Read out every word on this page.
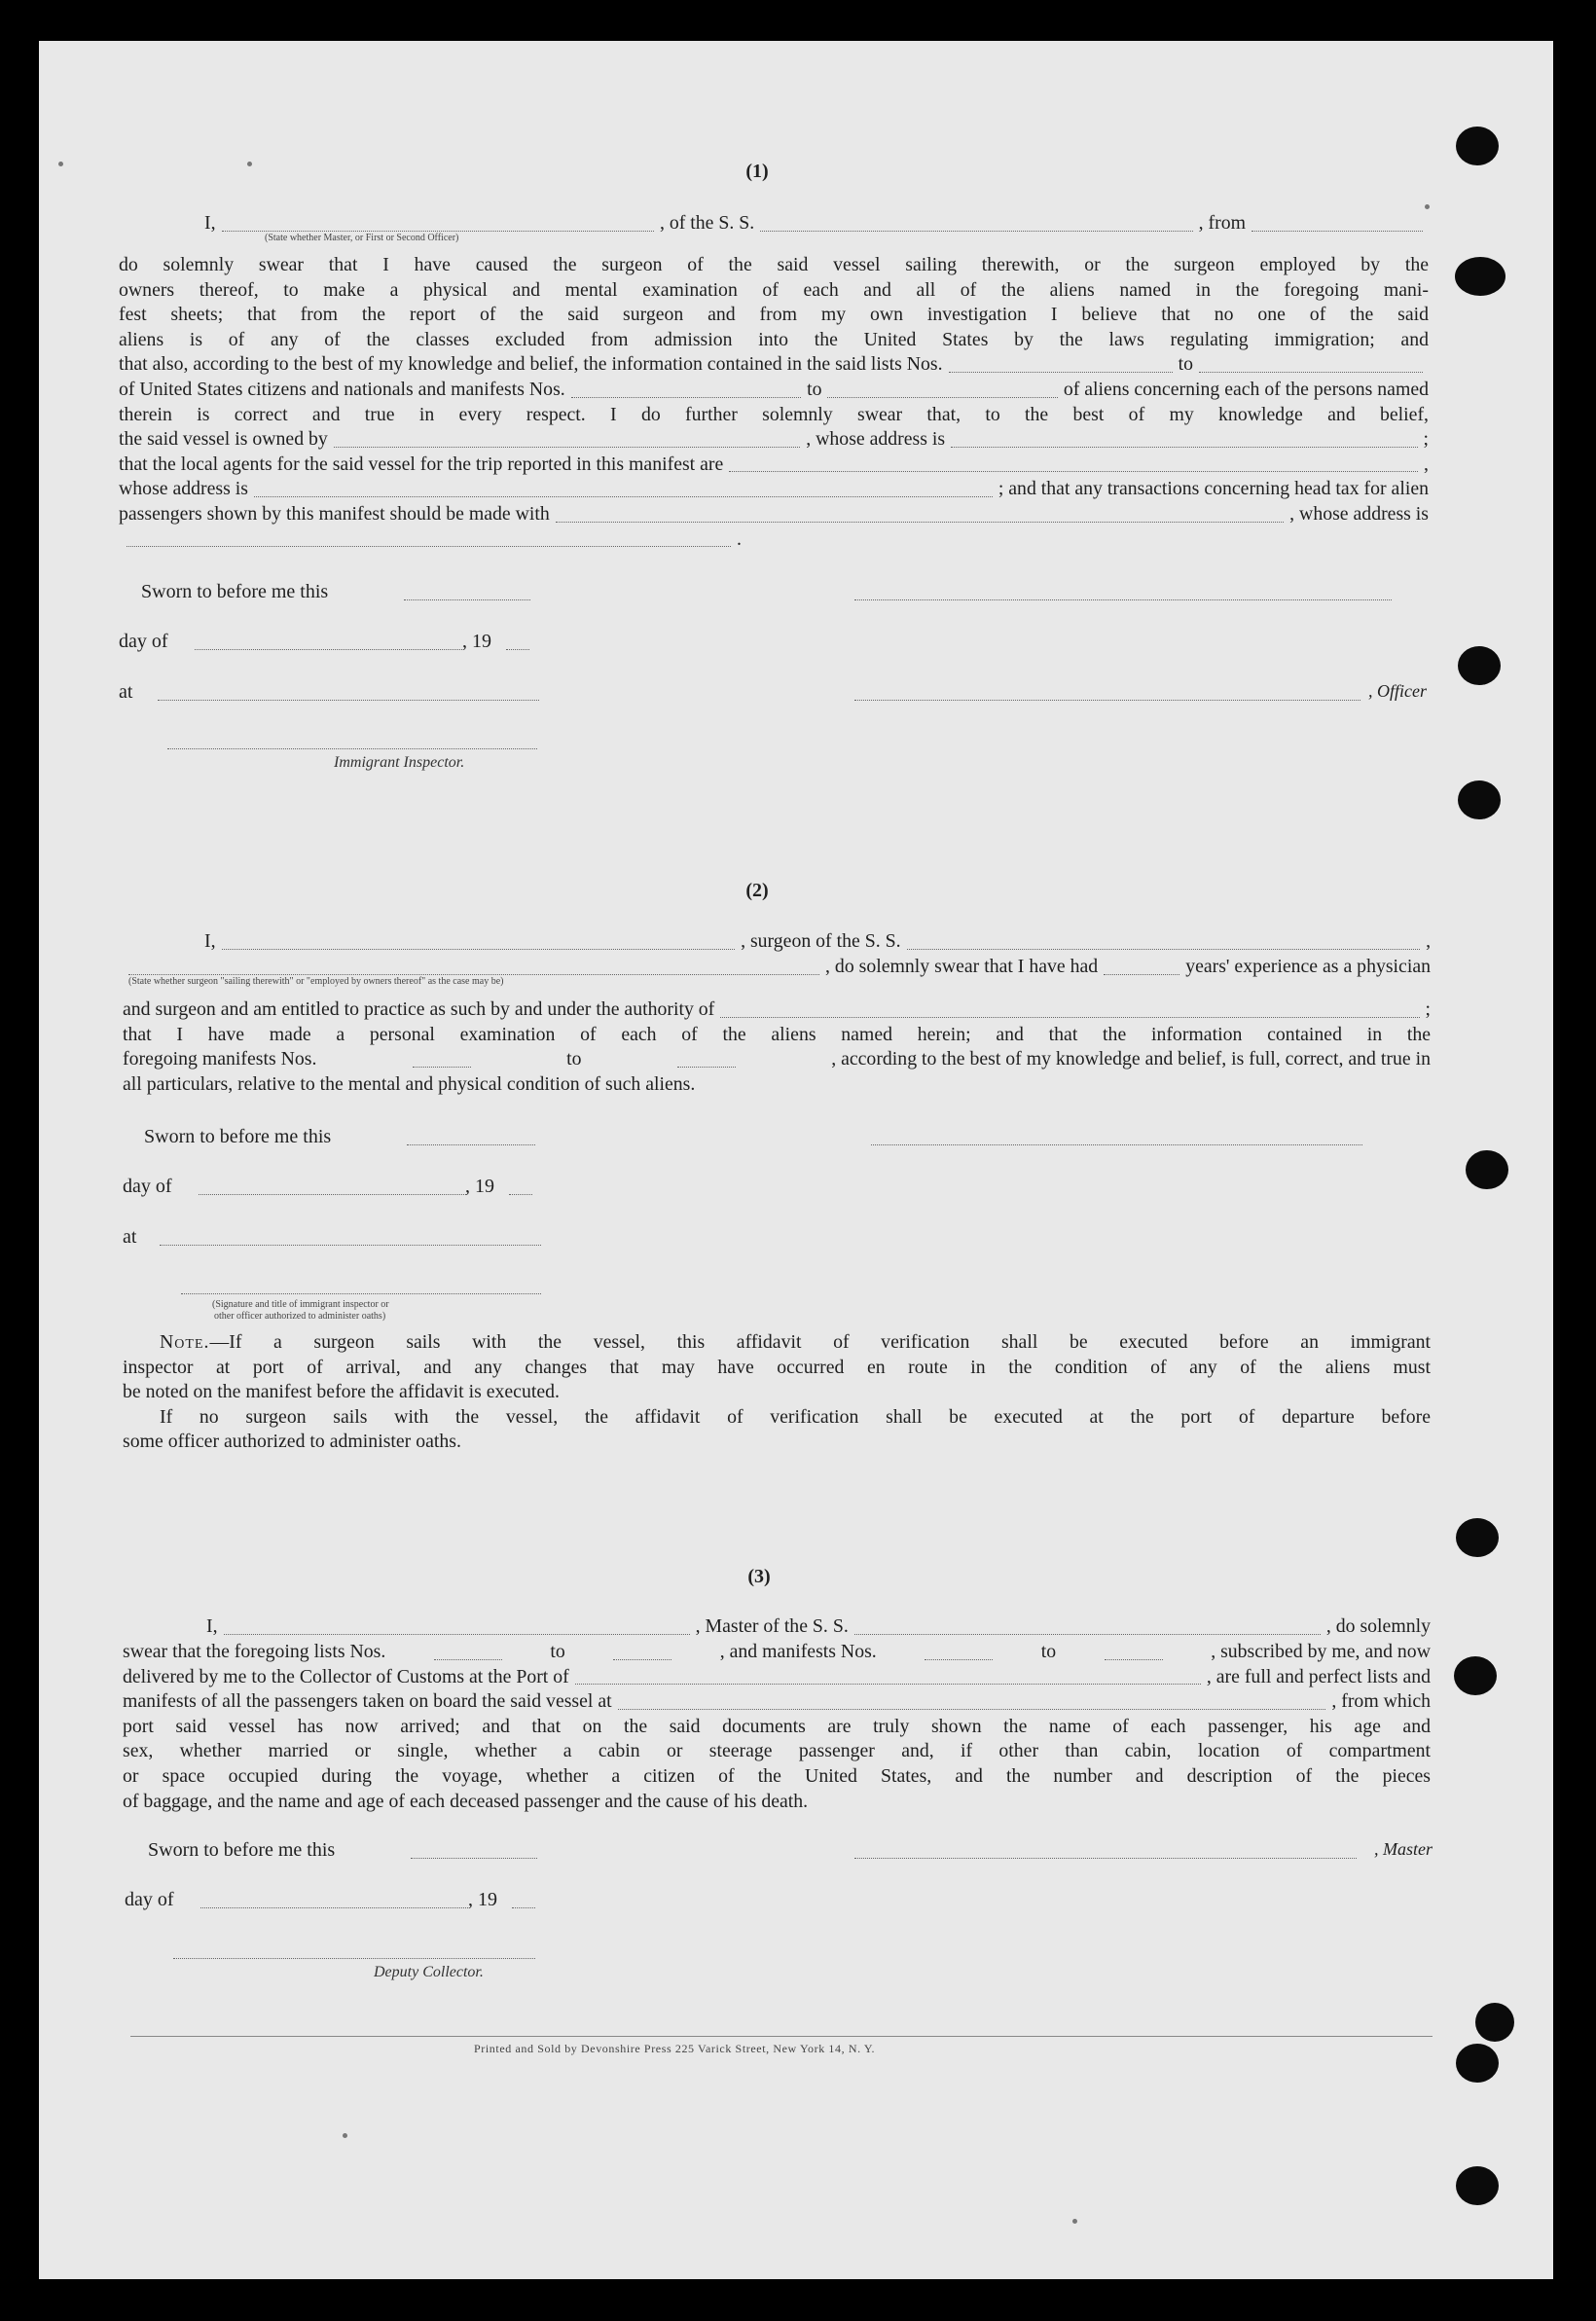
(1)
I,	, of the S. S.	, from
(State whether Master, or First or Second Officer)
do solemnly swear that I have caused the surgeon of the said vessel sailing therewith, or the surgeon employed by the
owners thereof, to make a physical and mental examination of each and all of the aliens named in the foregoing mani-
fest sheets; that from the report of the said surgeon and from my own investigation I believe that no one of the said
aliens is of any of the classes excluded from admission into the United States by the laws regulating immigration; and
that also, according to the best of my knowledge and belief, the information contained in the said lists Nos.	to
of United States citizens and nationals and manifests Nos.	to	of aliens concerning each of the persons named
therein is correct and true in every respect. I do further solemnly swear that, to the best of my knowledge and belief,
the said vessel is owned by	, whose address is	;
that the local agents for the said vessel for the trip reported in this manifest are	,
whose address is	; and that any transactions concerning head tax for alien
passengers shown by this manifest should be made with	, whose address is
.
Sworn to before me this
day of	, 19
at	, Officer
Immigrant Inspector.
(2)
I,	, surgeon of the S. S.	,
, do solemnly swear that I have had	years' experience as a physician
(State whether surgeon "sailing therewith" or "employed by owners thereof" as the case may be)
and surgeon and am entitled to practice as such by and under the authority of	;
that I have made a personal examination of each of the aliens named herein; and that the information contained in the
foregoing manifests Nos.	to	, according to the best of my knowledge and belief, is full, correct, and true in
all particulars, relative to the mental and physical condition of such aliens.
Sworn to before me this
day of	, 19
at
(Signature and title of immigrant inspector or
other officer authorized to administer oaths)
Note.—If a surgeon sails with the vessel, this affidavit of verification shall be executed before an immigrant
inspector at port of arrival, and any changes that may have occurred en route in the condition of any of the aliens must
be noted on the manifest before the affidavit is executed.
If no surgeon sails with the vessel, the affidavit of verification shall be executed at the port of departure before
some officer authorized to administer oaths.
(3)
I,	, Master of the S. S.	, do solemnly
swear that the foregoing lists Nos.	to	, and manifests Nos.	to	, subscribed by me, and now
delivered by me to the Collector of Customs at the Port of	, are full and perfect lists and
manifests of all the passengers taken on board the said vessel at	, from which
port said vessel has now arrived; and that on the said documents are truly shown the name of each passenger, his age and
sex, whether married or single, whether a cabin or steerage passenger and, if other than cabin, location of compartment
or space occupied during the voyage, whether a citizen of the United States, and the number and description of the pieces
of baggage, and the name and age of each deceased passenger and the cause of his death.
Sworn to before me this	, Master
day of	, 19
Deputy Collector.
Printed and Sold by Devonshire Press 225 Varick Street, New York 14, N. Y.
